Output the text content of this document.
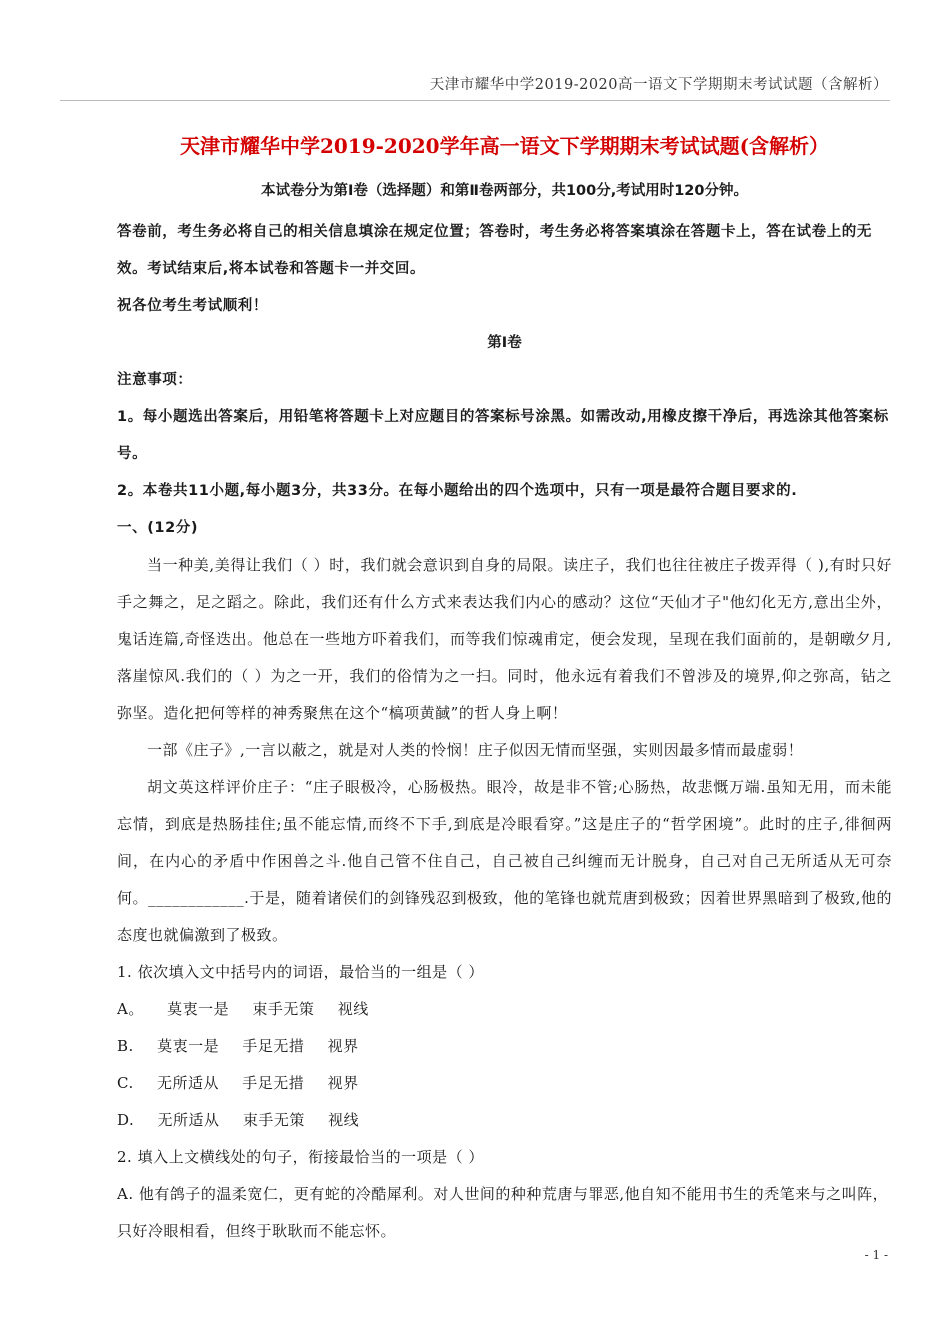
天津市耀华中学2019-2020高一语文下学期期末考试试题（含解析）
天津市耀华中学2019-2020学年高一语文下学期期末考试试题(含解析）

本试卷分为第Ⅰ卷（选择题）和第Ⅱ卷两部分，共100分,考试用时120分钟。

答卷前，考生务必将自己的相关信息填涂在规定位置；答卷时，考生务必将答案填涂在答题卡上，答在试卷上的无效。考试结束后,将本试卷和答题卡一并交回。

祝各位考生考试顺利！

第Ⅰ卷

注意事项：

1。每小题选出答案后，用铅笔将答题卡上对应题目的答案标号涂黑。如需改动,用橡皮擦干净后，再选涂其他答案标号。

2。本卷共11小题,每小题3分，共33分。在每小题给出的四个选项中，只有一项是最符合题目要求的.

一、(12分)

当一种美,美得让我们（ ）时，我们就会意识到自身的局限。读庄子，我们也往往被庄子拨弄得（ ),有时只好手之舞之，足之蹈之。除此，我们还有什么方式来表达我们内心的感动？这位“天仙才子"他幻化无方,意出尘外，鬼话连篇,奇怪迭出。他总在一些地方吓着我们，而等我们惊魂甫定，便会发现，呈现在我们面前的，是朝暾夕月,落崖惊风.我们的（ ）为之一开，我们的俗情为之一扫。同时，他永远有着我们不曾涉及的境界,仰之弥高，钻之弥坚。造化把何等样的神秀聚焦在这个“槁项黄馘”的哲人身上啊！

一部《庄子》,一言以蔽之，就是对人类的怜悯！庄子似因无情而坚强，实则因最多情而最虚弱！

胡文英这样评价庄子：“庄子眼极冷，心肠极热。眼冷，故是非不管;心肠热，故悲慨万端.虽知无用，而未能忘情，到底是热肠挂住;虽不能忘情,而终不下手,到底是冷眼看穿。”这是庄子的“哲学困境”。此时的庄子,徘徊两间，在内心的矛盾中作困兽之斗.他自己管不住自己，自己被自己纠缠而无计脱身，自己对自己无所适从无可奈何。____________.于是，随着诸侯们的剑锋残忍到极致，他的笔锋也就荒唐到极致；因着世界黑暗到了极致,他的态度也就偏激到了极致。

1. 依次填入文中括号内的词语，最恰当的一组是（ ）

A。 莫衷一是 束手无策 视线

B. 莫衷一是 手足无措 视界

C. 无所适从 手足无措 视界

D. 无所适从 束手无策 视线

2. 填入上文横线处的句子，衔接最恰当的一项是（ ）

A. 他有鸽子的温柔宽仁，更有蛇的冷酷犀利。对人世间的种种荒唐与罪恶,他自知不能用书生的秃笔来与之叫阵，只好冷眼相看，但终于耿耿而不能忘怀。

- 1 -
